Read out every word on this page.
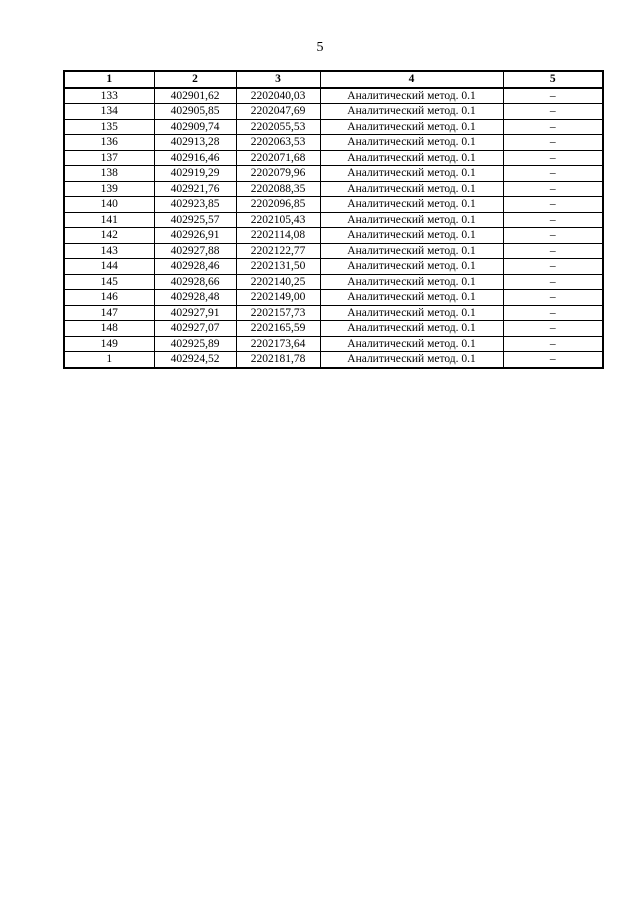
5
1	2	3	4	5
133	402901,62	2202040,03	Аналитический метод. 0.1	–
134	402905,85	2202047,69	Аналитический метод. 0.1	–
135	402909,74	2202055,53	Аналитический метод. 0.1	–
136	402913,28	2202063,53	Аналитический метод. 0.1	–
137	402916,46	2202071,68	Аналитический метод. 0.1	–
138	402919,29	2202079,96	Аналитический метод. 0.1	–
139	402921,76	2202088,35	Аналитический метод. 0.1	–
140	402923,85	2202096,85	Аналитический метод. 0.1	–
141	402925,57	2202105,43	Аналитический метод. 0.1	–
142	402926,91	2202114,08	Аналитический метод. 0.1	–
143	402927,88	2202122,77	Аналитический метод. 0.1	–
144	402928,46	2202131,50	Аналитический метод. 0.1	–
145	402928,66	2202140,25	Аналитический метод. 0.1	–
146	402928,48	2202149,00	Аналитический метод. 0.1	–
147	402927,91	2202157,73	Аналитический метод. 0.1	–
148	402927,07	2202165,59	Аналитический метод. 0.1	–
149	402925,89	2202173,64	Аналитический метод. 0.1	–
1	402924,52	2202181,78	Аналитический метод. 0.1	–
